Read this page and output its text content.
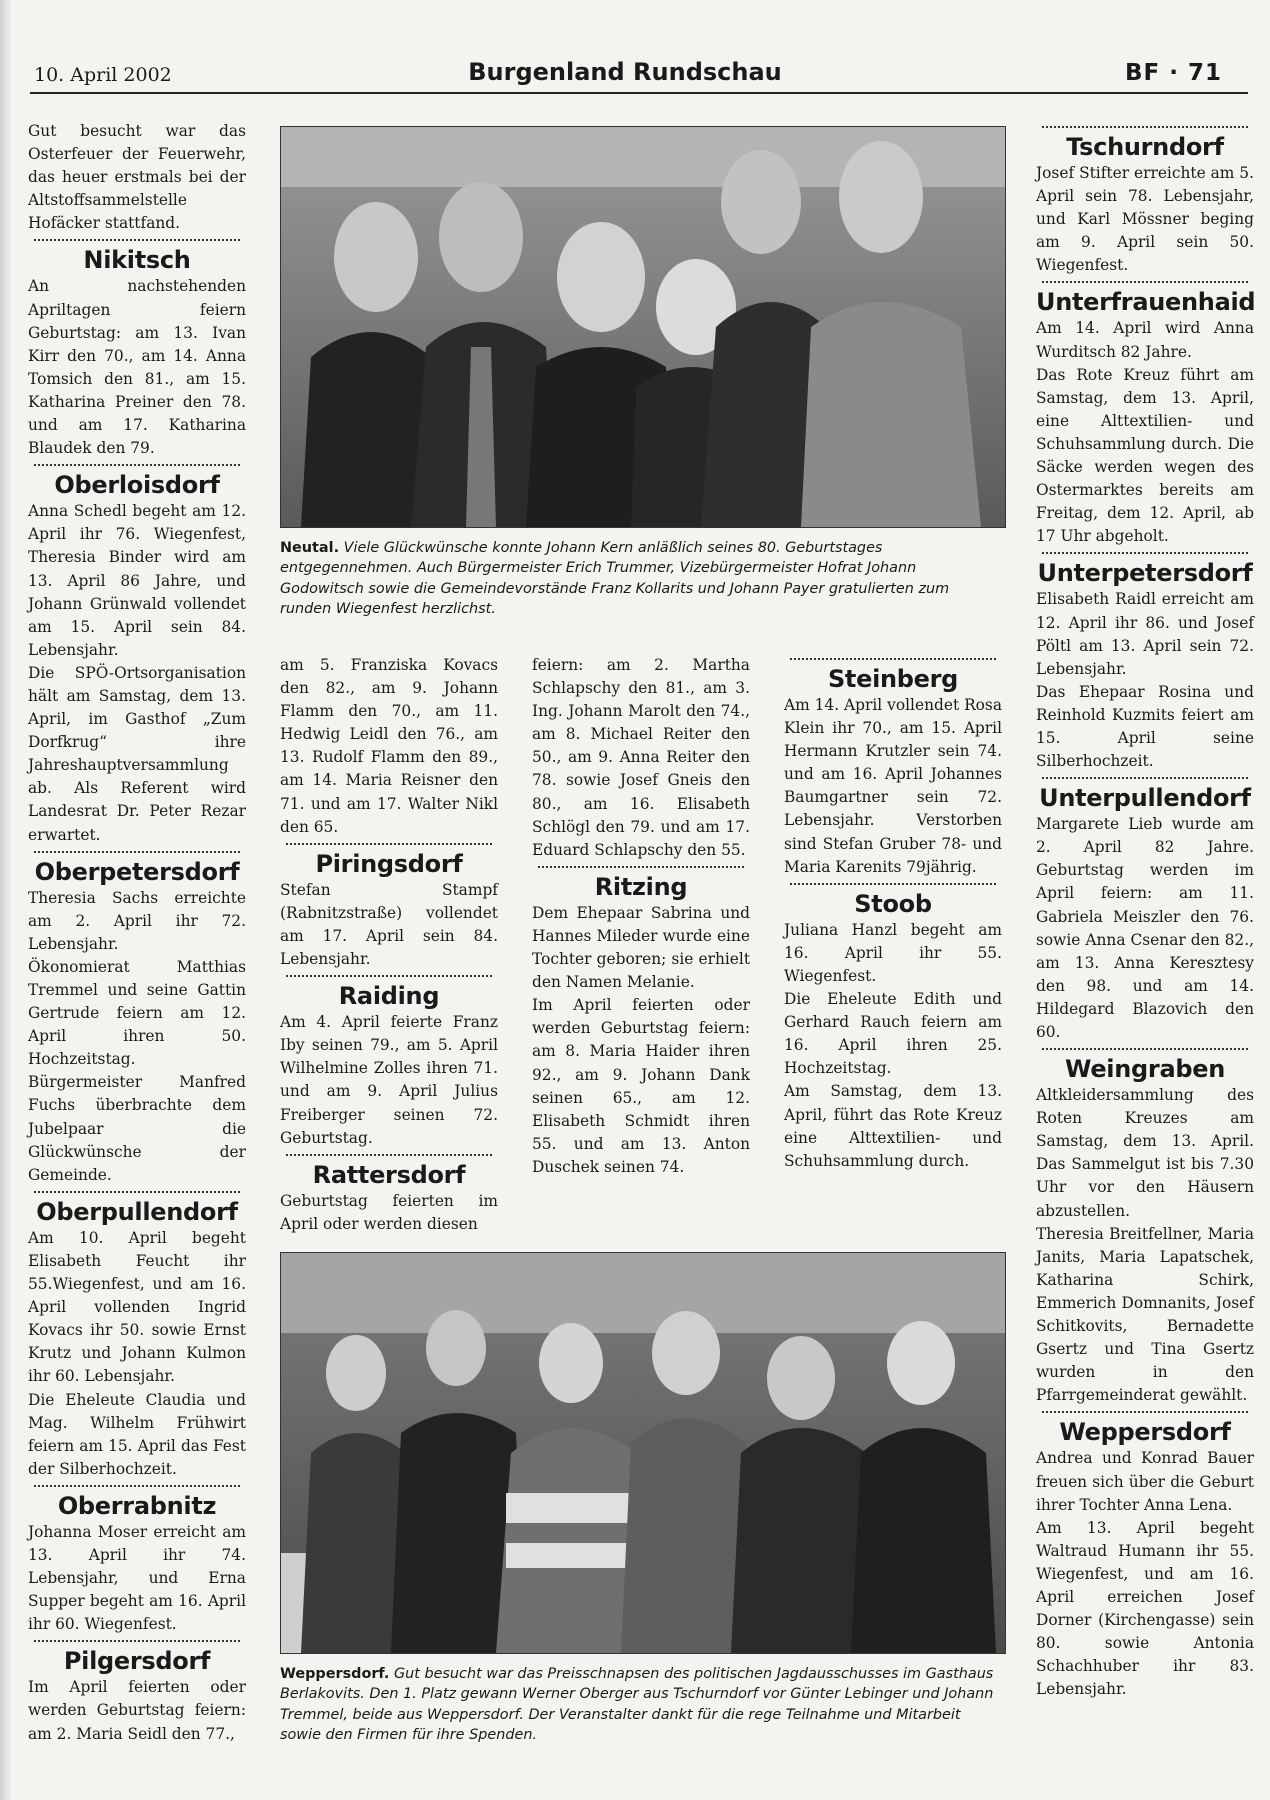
10. April 2002	Burgenland Rundschau	BF · 71

Gut besucht war das Osterfeuer der Feuerwehr, das heuer erstmals bei der Altstoffsammelstelle Hofäcker stattfand.

Nikitsch

An nachstehenden Apriltagen feiern Geburtstag: am 13. Ivan Kirr den 70., am 14. Anna Tomsich den 81., am 15. Katharina Preiner den 78. und am 17. Katharina Blaudek den 79.

Oberloisdorf

Anna Schedl begeht am 12. April ihr 76. Wiegenfest, Theresia Binder wird am 13. April 86 Jahre, und Johann Grünwald vollendet am 15. April sein 84. Lebensjahr.

Die SPÖ-Ortsorganisation hält am Samstag, dem 13. April, im Gasthof „Zum Dorfkrug“ ihre Jahreshauptversammlung ab. Als Referent wird Landesrat Dr. Peter Rezar erwartet.

Oberpetersdorf

Theresia Sachs erreichte am 2. April ihr 72. Lebensjahr.

Ökonomierat Matthias Tremmel und seine Gattin Gertrude feiern am 12. April ihren 50. Hochzeitstag. Bürgermeister Manfred Fuchs überbrachte dem Jubelpaar die Glückwünsche der Gemeinde.

Oberpullendorf

Am 10. April begeht Elisabeth Feucht ihr 55.Wiegenfest, und am 16. April vollenden Ingrid Kovacs ihr 50. sowie Ernst Krutz und Johann Kulmon ihr 60. Lebensjahr.

Die Eheleute Claudia und Mag. Wilhelm Frühwirt feiern am 15. April das Fest der Silberhochzeit.

Oberrabnitz

Johanna Moser erreicht am 13. April ihr 74. Lebensjahr, und Erna Supper begeht am 16. April ihr 60. Wiegenfest.

Pilgersdorf

Im April feierten oder werden Geburtstag feiern: am 2. Maria Seidl den 77.,

Neutal. Viele Glückwünsche konnte Johann Kern anläßlich seines 80. Geburtstages entgegennehmen. Auch Bürgermeister Erich Trummer, Vizebürgermeister Hofrat Johann Godowitsch sowie die Gemeindevorstände Franz Kollarits und Johann Payer gratulierten zum runden Wiegenfest herzlichst.

am 5. Franziska Kovacs den 82., am 9. Johann Flamm den 70., am 11. Hedwig Leidl den 76., am 13. Rudolf Flamm den 89., am 14. Maria Reisner den 71. und am 17. Walter Nikl den 65.

Piringsdorf

Stefan Stampf (Rabnitzstraße) vollendet am 17. April sein 84. Lebensjahr.

Raiding

Am 4. April feierte Franz Iby seinen 79., am 5. April Wilhelmine Zolles ihren 71. und am 9. April Julius Freiberger seinen 72. Geburtstag.

Rattersdorf

Geburtstag feierten im April oder werden diesen

feiern: am 2. Martha Schlapschy den 81., am 3. Ing. Johann Marolt den 74., am 8. Michael Reiter den 50., am 9. Anna Reiter den 78. sowie Josef Gneis den 80., am 16. Elisabeth Schlögl den 79. und am 17. Eduard Schlapschy den 55.

Ritzing

Dem Ehepaar Sabrina und Hannes Mileder wurde eine Tochter geboren; sie erhielt den Namen Melanie.

Im April feierten oder werden Geburtstag feiern: am 8. Maria Haider ihren 92., am 9. Johann Dank seinen 65., am 12. Elisabeth Schmidt ihren 55. und am 13. Anton Duschek seinen 74.

Steinberg

Am 14. April vollendet Rosa Klein ihr 70., am 15. April Hermann Krutzler sein 74. und am 16. April Johannes Baumgartner sein 72. Lebensjahr. Verstorben sind Stefan Gruber 78- und Maria Karenits 79jährig.

Stoob

Juliana Hanzl begeht am 16. April ihr 55. Wiegenfest.

Die Eheleute Edith und Gerhard Rauch feiern am 16. April ihren 25. Hochzeitstag.

Am Samstag, dem 13. April, führt das Rote Kreuz eine Alttextilien- und Schuhsammlung durch.

Weppersdorf. Gut besucht war das Preisschnapsen des politischen Jagdausschusses im Gasthaus Berlakovits. Den 1. Platz gewann Werner Oberger aus Tschurndorf vor Günter Lebinger und Johann Tremmel, beide aus Weppersdorf. Der Veranstalter dankt für die rege Teilnahme und Mitarbeit sowie den Firmen für ihre Spenden.
Tschurndorf

Josef Stifter erreichte am 5. April sein 78. Lebensjahr, und Karl Mössner beging am 9. April sein 50. Wiegenfest.

Unterfrauenhaid

Am 14. April wird Anna Wurditsch 82 Jahre.

Das Rote Kreuz führt am Samstag, dem 13. April, eine Alttextilien- und Schuhsammlung durch. Die Säcke werden wegen des Ostermarktes bereits am Freitag, dem 12. April, ab 17 Uhr abgeholt.

Unterpetersdorf

Elisabeth Raidl erreicht am 12. April ihr 86. und Josef Pöltl am 13. April sein 72. Lebensjahr.

Das Ehepaar Rosina und Reinhold Kuzmits feiert am 15. April seine Silberhochzeit.

Unterpullendorf

Margarete Lieb wurde am 2. April 82 Jahre. Geburtstag werden im April feiern: am 11. Gabriela Meiszler den 76. sowie Anna Csenar den 82., am 13. Anna Keresztesy den 98. und am 14. Hildegard Blazovich den 60.

Weingraben

Altkleidersammlung des Roten Kreuzes am Samstag, dem 13. April. Das Sammelgut ist bis 7.30 Uhr vor den Häusern abzustellen.

Theresia Breitfellner, Maria Janits, Maria Lapatschek, Katharina Schirk, Emmerich Domnanits, Josef Schitkovits, Bernadette Gsertz und Tina Gsertz wurden in den Pfarrgemeinderat gewählt.

Weppersdorf

Andrea und Konrad Bauer freuen sich über die Geburt ihrer Tochter Anna Lena.

Am 13. April begeht Waltraud Humann ihr 55. Wiegenfest, und am 16. April erreichen Josef Dorner (Kirchengasse) sein 80. sowie Antonia Schachhuber ihr 83. Lebensjahr.
